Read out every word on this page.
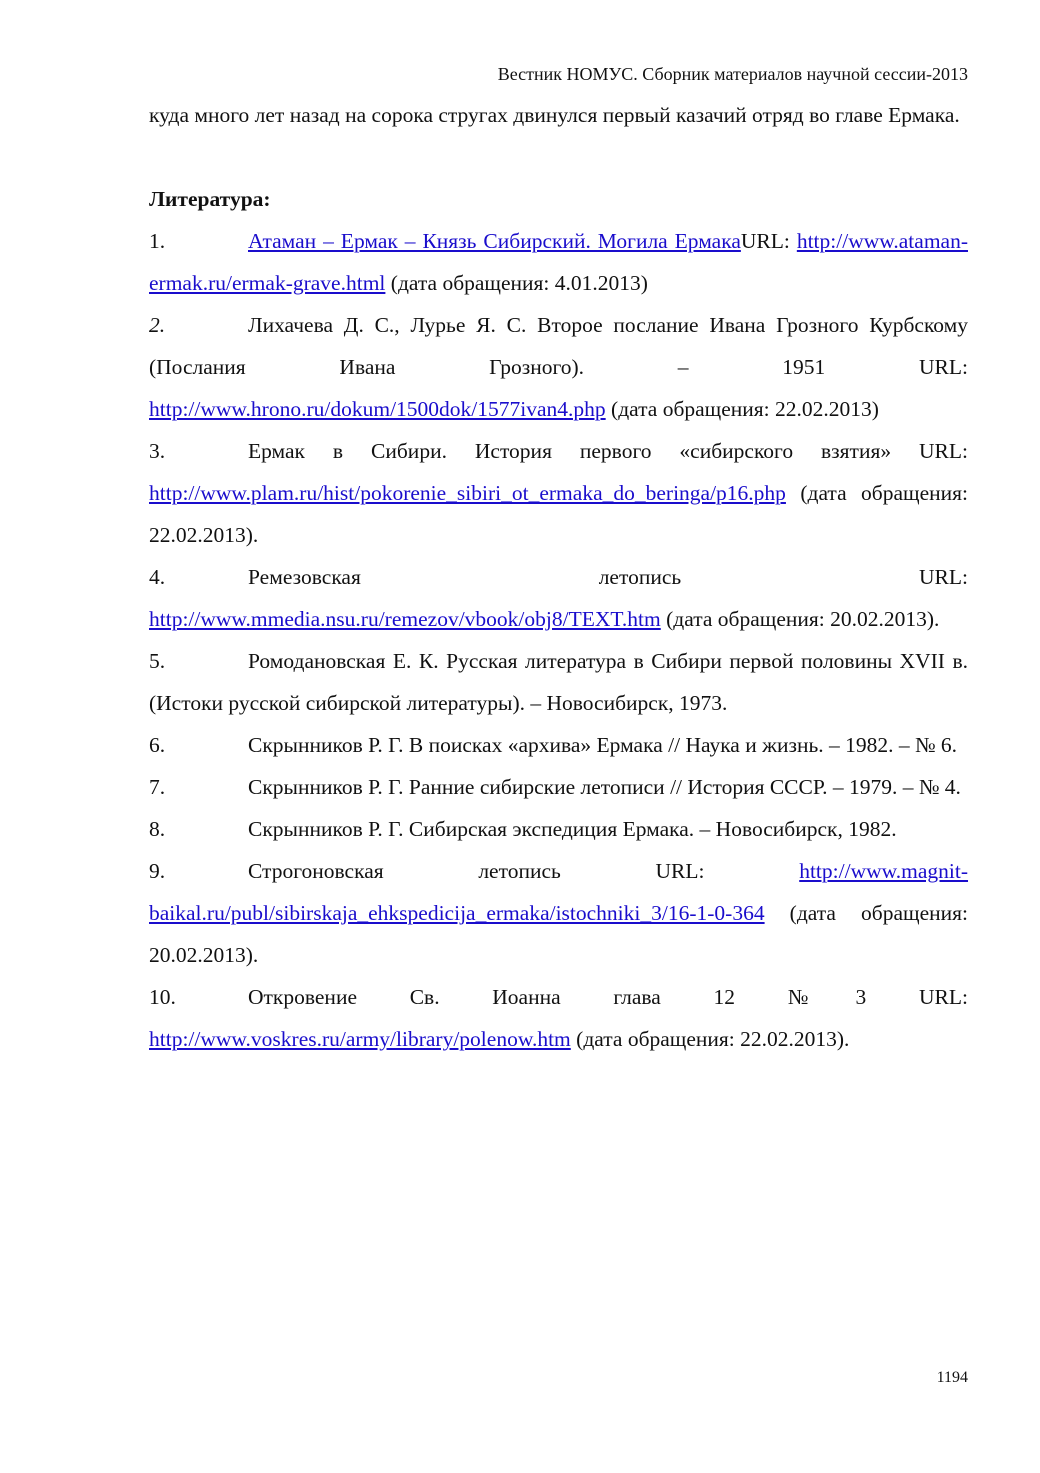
Вестник НОМУС. Сборник материалов научной сессии-2013

куда много лет назад на сорока стругах двинулся первый казачий отряд во главе Ермака.

Литература:

1.	Атаман – Ермак – Князь Сибирский. Могила ЕрмакаURL: http://www.ataman-ermak.ru/ermak-grave.html (дата обращения: 4.01.2013)

2.	Лихачева Д. С., Лурье Я. С. Второе послание Ивана Грозного Курбскому (Послания Ивана Грозного). – 1951 URL: http://www.hrono.ru/dokum/1500dok/1577ivan4.php (дата обращения: 22.02.2013)

3.	Ермак в Сибири. История первого «сибирского взятия» URL: http://www.plam.ru/hist/pokorenie_sibiri_ot_ermaka_do_beringa/p16.php (дата обращения: 22.02.2013).

4.	Ремезовская летопись URL: http://www.mmedia.nsu.ru/remezov/vbook/obj8/TEXT.htm (дата обращения: 20.02.2013).

5.	Ромодановская Е. К. Русская литература в Сибири первой половины XVII в. (Истоки русской сибирской литературы). – Новосибирск, 1973.

6.	Скрынников Р. Г. В поисках «архива» Ермака // Наука и жизнь. – 1982. – № 6.

7.	Скрынников Р. Г. Ранние сибирские летописи // История СССР. – 1979. – № 4.

8.	Скрынников Р. Г. Сибирская экспедиция Ермака. – Новосибирск, 1982.

9.	Строгоновская летопись URL:	http://www.magnit-baikal.ru/publ/sibirskaja_ehkspedicija_ermaka/istochniki_3/16-1-0-364 (дата обращения: 20.02.2013).

10.	Откровение Св. Иоанна глава 12 №3 URL: http://www.voskres.ru/army/library/polenow.htm (дата обращения: 22.02.2013).

1194
